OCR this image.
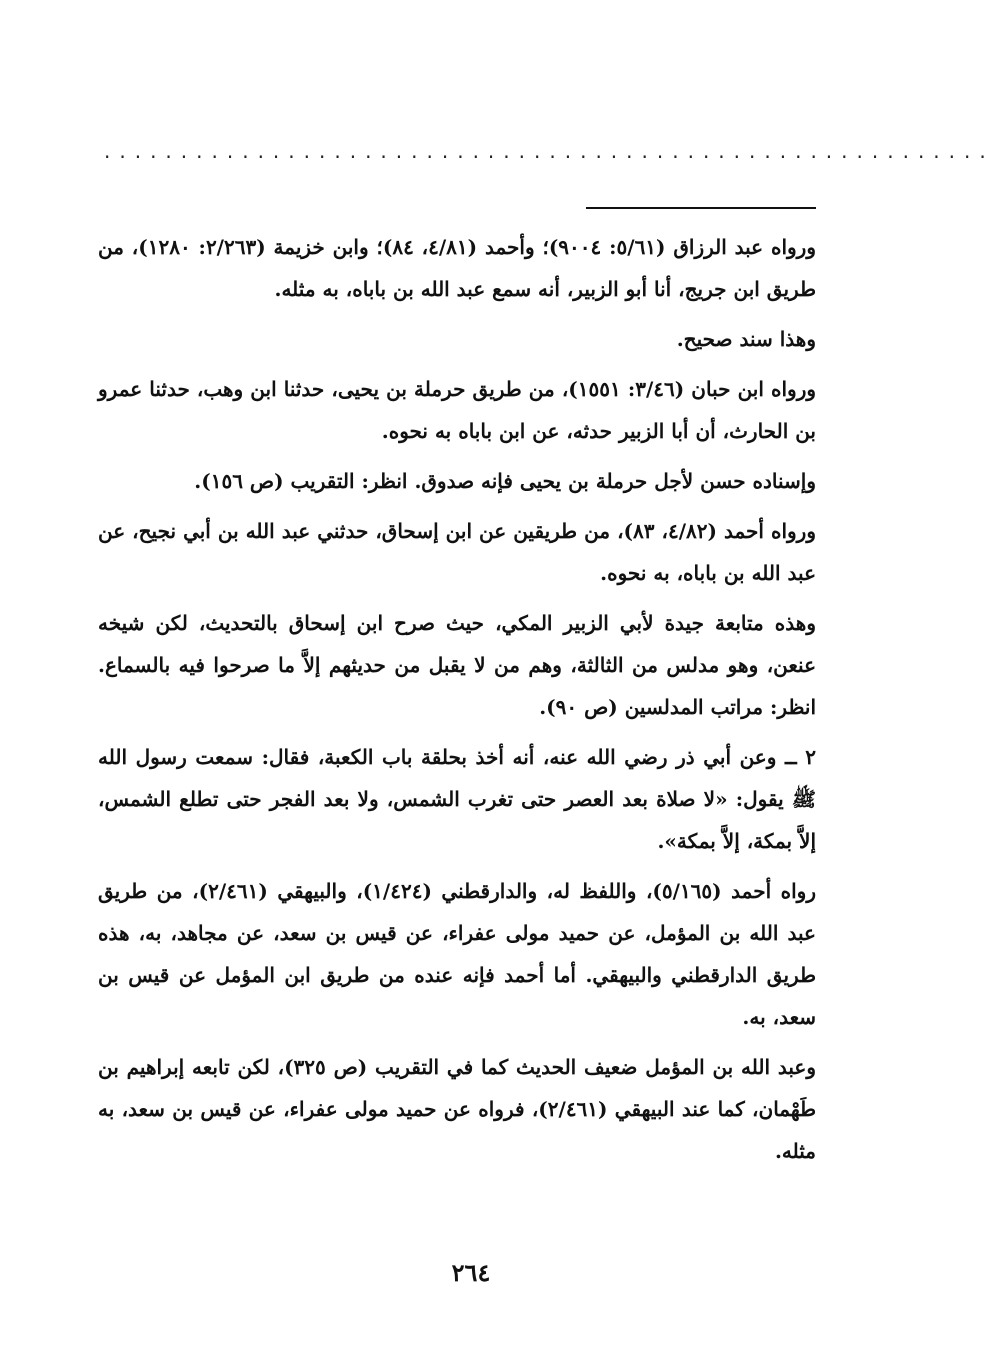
··························································

ورواه عبد الرزاق (٥/٦١: ٩٠٠٤)؛ وأحمد (٤/٨١، ٨٤)؛ وابن خزيمة (٢/٢٦٣: ١٢٨٠)، من طريق ابن جريج، أنا أبو الزبير، أنه سمع عبد الله بن باباه، به مثله.

وهذا سند صحيح.

ورواه ابن حبان (٣/٤٦: ١٥٥١)، من طريق حرملة بن يحيى، حدثنا ابن وهب، حدثنا عمرو بن الحارث، أن أبا الزبير حدثه، عن ابن باباه به نحوه.

وإسناده حسن لأجل حرملة بن يحيى فإنه صدوق. انظر: التقريب (ص ١٥٦).

ورواه أحمد (٤/٨٢، ٨٣)، من طريقين عن ابن إسحاق، حدثني عبد الله بن أبي نجيح، عن عبد الله بن باباه، به نحوه.

وهذه متابعة جيدة لأبي الزبير المكي، حيث صرح ابن إسحاق بالتحديث، لكن شيخه عنعن، وهو مدلس من الثالثة، وهم من لا يقبل من حديثهم إلاَّ ما صرحوا فيه بالسماع. انظر: مراتب المدلسين (ص ٩٠).

٢ ــ وعن أبي ذر رضي الله عنه، أنه أخذ بحلقة باب الكعبة، فقال: سمعت رسول الله ﷺ يقول: «لا صلاة بعد العصر حتى تغرب الشمس، ولا بعد الفجر حتى تطلع الشمس، إلاَّ بمكة، إلاَّ بمكة».

رواه أحمد (٥/١٦٥)، واللفظ له، والدارقطني (١/٤٢٤)، والبيهقي (٢/٤٦١)، من طريق عبد الله بن المؤمل، عن حميد مولى عفراء، عن قيس بن سعد، عن مجاهد، به، هذه طريق الدارقطني والبيهقي. أما أحمد فإنه عنده من طريق ابن المؤمل عن قيس بن سعد، به.

وعبد الله بن المؤمل ضعيف الحديث كما في التقريب (ص ٣٢٥)، لكن تابعه إبراهيم بن طَهْمان، كما عند البيهقي (٢/٤٦١)، فرواه عن حميد مولى عفراء، عن قيس بن سعد، به مثله.

٢٦٤
